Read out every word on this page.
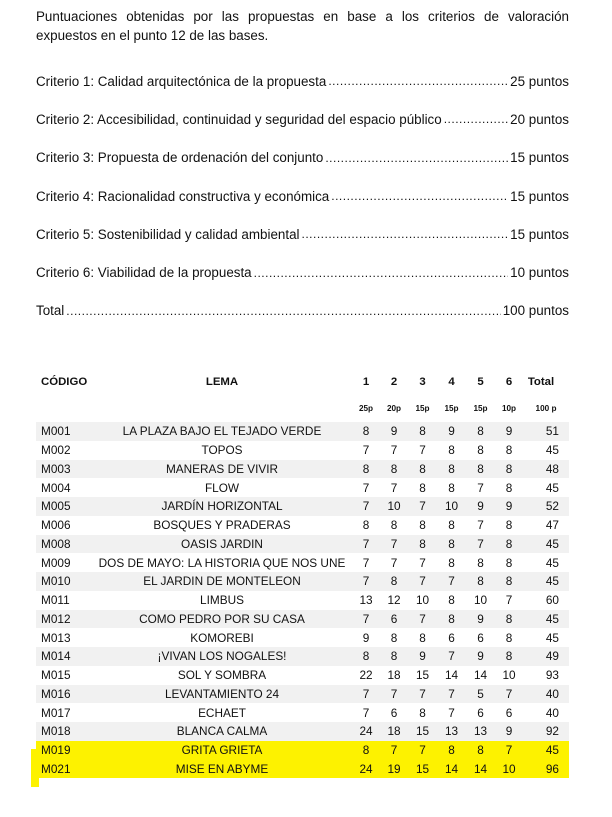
Puntuaciones obtenidas por las propuestas en base a los criterios de valoración expuestos en el punto 12 de las bases.
Criterio 1: Calidad arquitectónica de la propuesta .....	25 puntos
Criterio 2: Accesibilidad, continuidad y seguridad del espacio público .....	20 puntos
Criterio 3: Propuesta de ordenación del conjunto .....	15 puntos
Criterio 4: Racionalidad constructiva y económica .....	15 puntos
Criterio 5: Sostenibilidad y calidad ambiental .....	15 puntos
Criterio 6: Viabilidad de la propuesta .....	10 puntos
Total .....	100 puntos
CÓDIGO	LEMA	1	2	3	4	5	6	Total
		25p	20p	15p	15p	15p	10p	100 p
M001	LA PLAZA BAJO EL TEJADO VERDE	8	9	8	9	8	9	51
M002	TOPOS	7	7	7	8	8	8	45
M003	MANERAS DE VIVIR	8	8	8	8	8	8	48
M004	FLOW	7	7	8	8	7	8	45
M005	JARDÍN HORIZONTAL	7	10	7	10	9	9	52
M006	BOSQUES Y PRADERAS	8	8	8	8	7	8	47
M008	OASIS JARDIN	7	7	8	8	7	8	45
M009	DOS DE MAYO: LA HISTORIA QUE NOS UNE	7	7	7	8	8	8	45
M010	EL JARDIN DE MONTELEON	7	8	7	7	8	8	45
M011	LIMBUS	13	12	10	8	10	7	60
M012	COMO PEDRO POR SU CASA	7	6	7	8	9	8	45
M013	KOMOREBI	9	8	8	6	6	8	45
M014	¡VIVAN LOS NOGALES!	8	8	9	7	9	8	49
M015	SOL Y SOMBRA	22	18	15	14	14	10	93
M016	LEVANTAMIENTO 24	7	7	7	7	5	7	40
M017	ECHAET	7	6	8	7	6	6	40
M018	BLANCA CALMA	24	18	15	13	13	9	92
M019	GRITA GRIETA	8	7	7	8	8	7	45
M021	MISE EN ABYME	24	19	15	14	14	10	96
